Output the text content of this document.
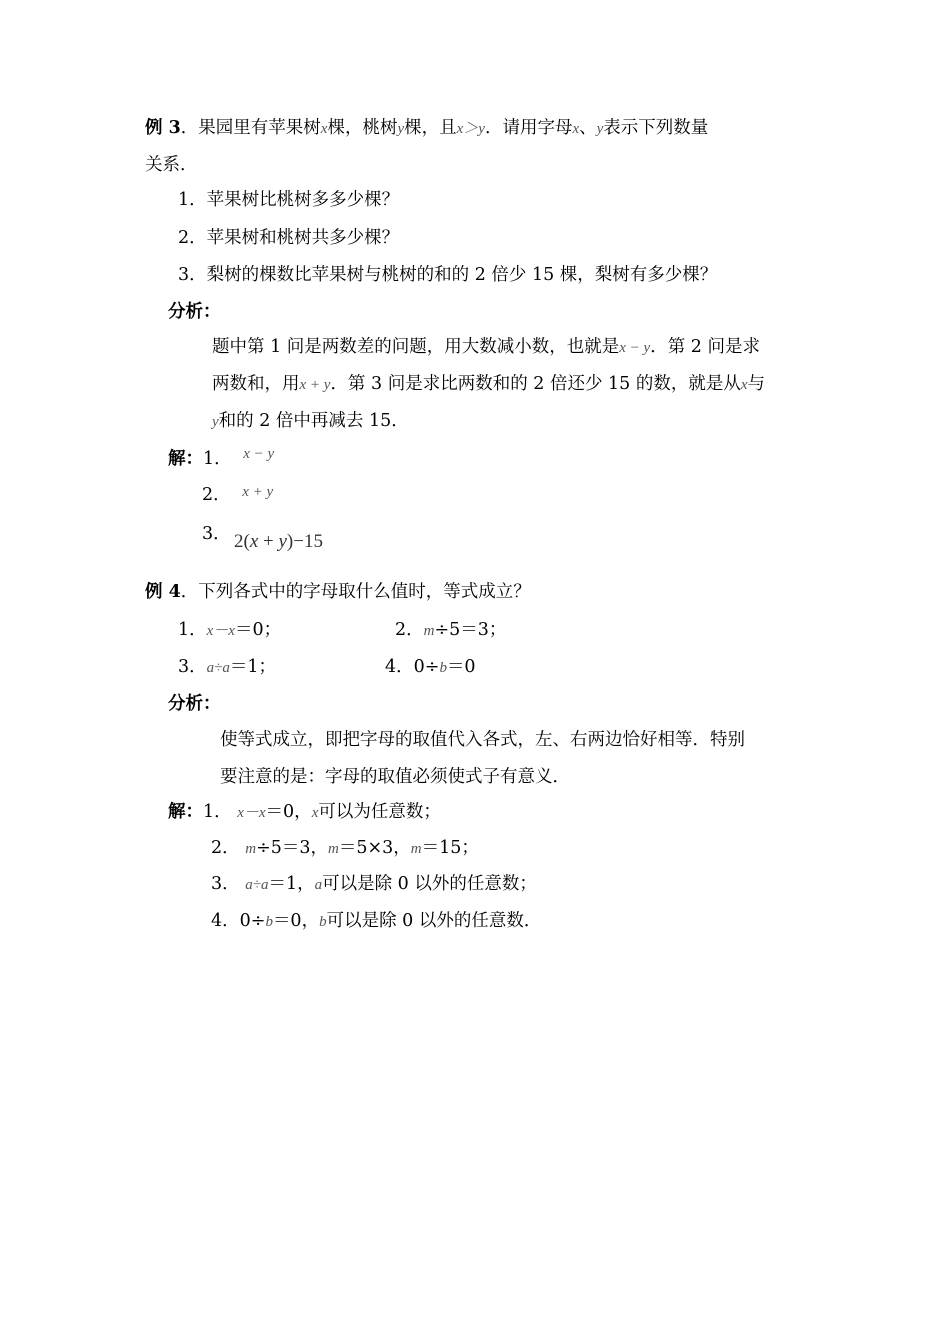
例 3．果园里有苹果树x棵，桃树y棵，且x＞y．请用字母x、y表示下列数量
关系．
1．苹果树比桃树多多少棵？
2．苹果树和桃树共多少棵？
3．梨树的棵数比苹果树与桃树的和的 2 倍少 15 棵，梨树有多少棵？
分析：
题中第 1 问是两数差的问题，用大数减小数，也就是x − y．第 2 问是求
两数和，用x + y．第 3 问是求比两数和的 2 倍还少 15 的数，就是从x与
y和的 2 倍中再减去 15．
解：1． x − y
2． x + y
3． 2(x + y)−15
例 4．下列各式中的字母取什么值时，等式成立？
1．x－x＝0；	2．m÷5＝3；
3．a÷a＝1；	4．0÷b＝0
分析：
使等式成立，即把字母的取值代入各式，左、右两边恰好相等．特别
要注意的是：字母的取值必须使式子有意义．
解：1． x－x＝0，x可以为任意数；
2． m÷5＝3，m＝5×3，m＝15；
3． a÷a＝1，a可以是除 0 以外的任意数；
4．0÷b＝0，b可以是除 0 以外的任意数．
